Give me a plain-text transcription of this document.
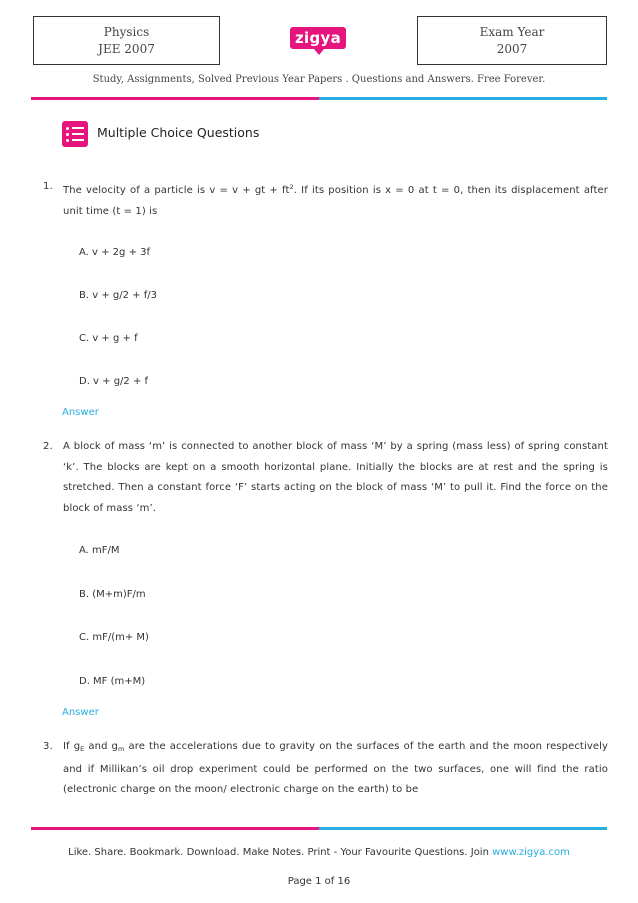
Physics
JEE 2007
zigya	Exam Year
2007
Study, Assignments, Solved Previous Year Papers . Questions and Answers. Free Forever.
Multiple Choice Questions
1. The velocity of a particle is v = v + gt + $ft^2$. If its position is x = 0 at t = 0, then its displacement after unit time (t = 1) is
A. v + 2g + 3f
B. v + g/2 + f/3
C. v + g + f
D. v + g/2 + f
Answer
2. A block of mass ‘m’ is connected to another block of mass ‘M’ by a spring (mass less) of spring constant ‘k’. The blocks are kept on a smooth horizontal plane. Initially the blocks are at rest and the spring is stretched. Then a constant force ‘F’ starts acting on the block of mass ‘M’ to pull it. Find the force on the block of mass ‘m’.
A. mF/M
B. (M+m)F/m
C. mF/(m+ M)
D. MF (m+M)
Answer
3. If $g_E$ and $g_m$ are the accelerations due to gravity on the surfaces of the earth and the moon respectively and if Millikan’s oil drop experiment could be performed on the two surfaces, one will find the ratio (electronic charge on the moon/ electronic charge on the earth) to be
Like. Share. Bookmark. Download. Make Notes. Print - Your Favourite Questions. Join www.zigya.com
Page 1 of 16
